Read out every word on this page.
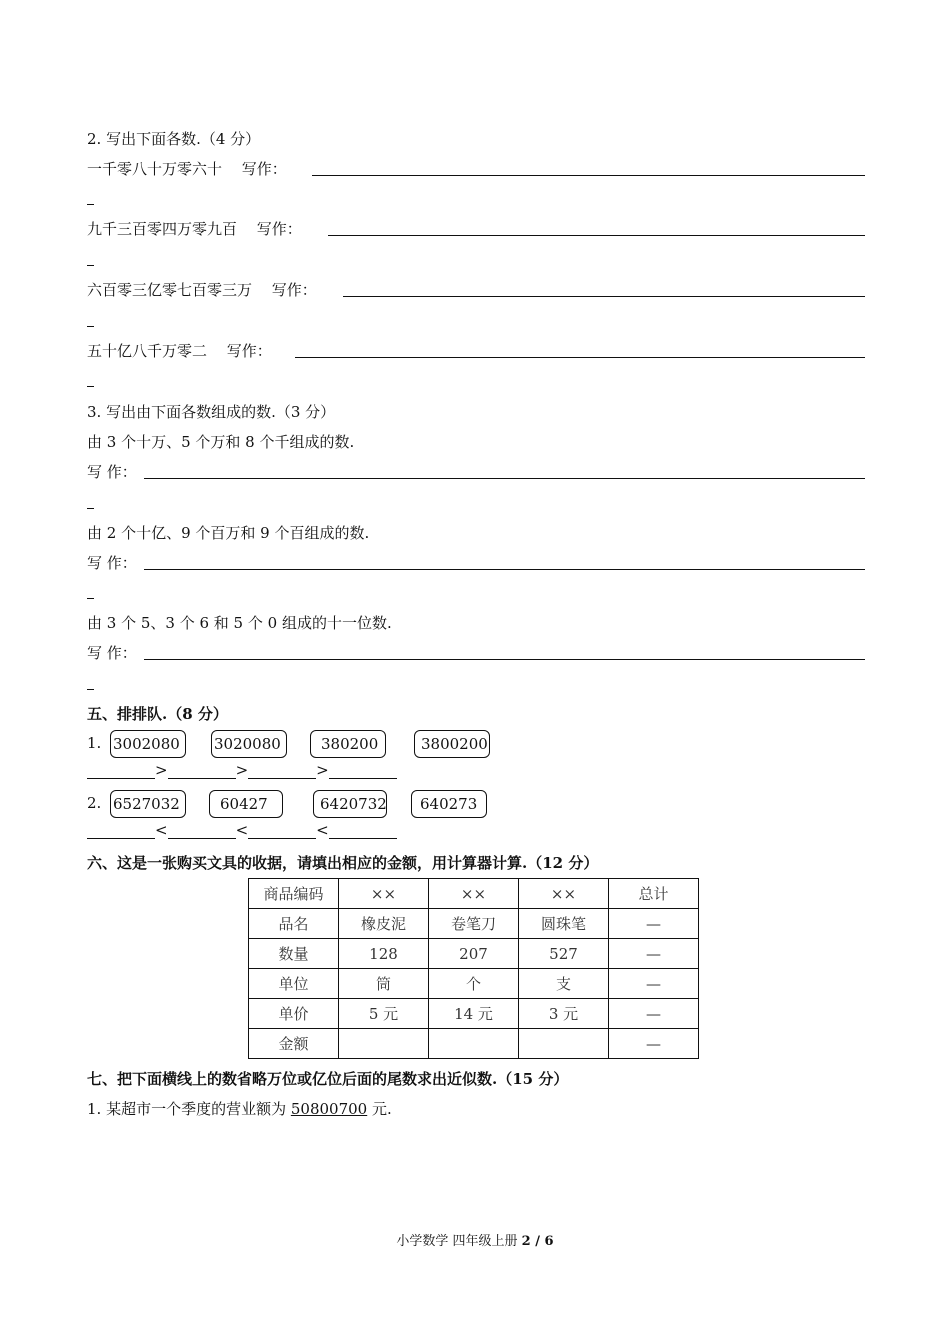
2. 写出下面各数.（4 分）
一千零八十万零六十　 写作：
九千三百零四万零九百　 写作：
六百零三亿零七百零三万　 写作：
五十亿八千万零二　 写作：
3. 写出由下面各数组成的数.（3 分）
由 3 个十万、5 个万和 8 个千组成的数.
写 作：
由 2 个十亿、9 个百万和 9 个百组成的数.
写 作：
由 3 个 5、3 个 6 和 5 个 0 组成的十一位数.
写 作：
五、排排队.（8 分）
1. 3002080	3020080	380200	3800200
>	>	>
2. 6527032	60427	6420732	640273
<	<	<
六、这是一张购买文具的收据，请填出相应的金额，用计算器计算.（12 分）
商品编码	××	××	××	总计
品名	橡皮泥	卷笔刀	圆珠笔	—
数量	128	207	527	—
单位	筒	个	支	—
单价	5 元	14 元	3 元	—
金额				—
七、把下面横线上的数省略万位或亿位后面的尾数求出近似数.（15 分）
1. 某超市一个季度的营业额为 50800700 元.
小学数学 四年级上册 2 / 6
